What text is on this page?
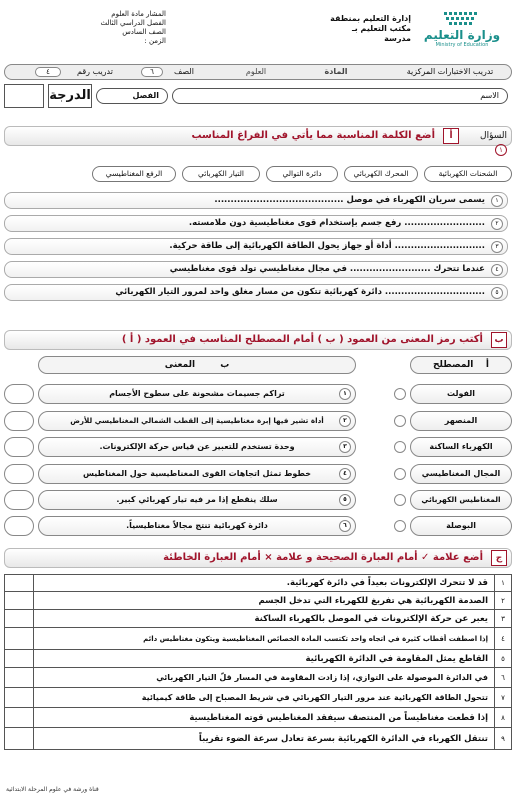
المشار مادة العلوم
الفصل الدراسي الثالث
الصف السادس
الزمن :
إدارة التعليم بمنطقة
مكتب التعليم بـ
مدرسة	وزارة التعليم
Ministry of Education
تدريب الاختبارات المركزية
المادة
العلوم
الصف
٦
تدريب رقم
٤
الدرجة	الفصل	الاسم
السؤال ١
أ
أضع الكلمة المناسبة مما يأتي في الفراغ المناسب
الشحنات الكهربائية
المحرك الكهربائي
دائرة التوالي
التيار الكهربائي
الرفع المغناطيسي
١
يسمى سريان الكهرباء في موصل ........................................
٢
......................... رفع جسم بإستخدام قوى مغناطيسية دون ملامسته.
٣
............................ أداة أو جهاز يحول الطاقة الكهربائية إلى طاقة حركية.
٤
عندما تتحرك ......................... في مجال مغناطيسي تولد قوى مغناطيسي
٥
............................... دائرة كهربائية تتكون من مسار مغلق واحد لمرور التيار الكهربائي
ب
أكتب رمز المعنى من العمود ( ب ) أمام المصطلح المناسب في العمود ( أ )
أ    المصطلح
ب        المعنى
الفولت
تراكم جسيمات مشحونة على سطوح الأجسام	١
المنصهر
أداة تشير فيها إبرة مغناطيسية إلى القطب الشمالي المغناطيسي للأرض	٢
الكهرباء الساكنة
وحدة تستخدم للتعبير عن قياس حركة الإلكترونات.	٣
المجال المغناطيسي
خطوط تمثل اتجاهات القوى المغناطيسية حول المغناطيس	٤
المغناطيس الكهربائي
سلك ينقطع إذا مر فيه تيار كهربائي كبير.	٥
البوصلة
دائرة كهربائية تنتج مجالاً مغناطيسياً.	٦
ج
أضع علامة ✓ أمام العبارة الصحيحة و علامة × أمام العبارة الخاطئة
١
قد لا تتحرك الإلكترونات بعيداً في دائرة كهربائية.
٢
الصدمة الكهربائية هي تفريغ للكهرباء التي تدخل الجسم
٣
يعبر عن حركة الإلكترونات في الموصل بالكهرباء الساكنة
٤
إذا اصطفت أقطاب كثيرة في اتجاه واحد تكتسب المادة الخصائص المغناطيسية ويتكون مغناطيس دائم
٥
القاطع يمثل المقاومة في الدائرة الكهربائية
٦
في الدائرة الموصولة على التوازي، إذا زادت المقاومة في المسار قلّ التيار الكهربائي
٧
تتحول الطاقة الكهربائية عند مرور التيار الكهربائي في شريط المصباح إلى طاقة كيميائية
٨
إذا قطعت مغناطيساً من المنتصف سيفقد المغناطيس قوته المغناطيسية
٩
تنتقل الكهرباء في الدائرة الكهربائية بسرعة تعادل سرعة الضوء تقريباً
قناة ورشة في علوم المرحلة الابتدائية
